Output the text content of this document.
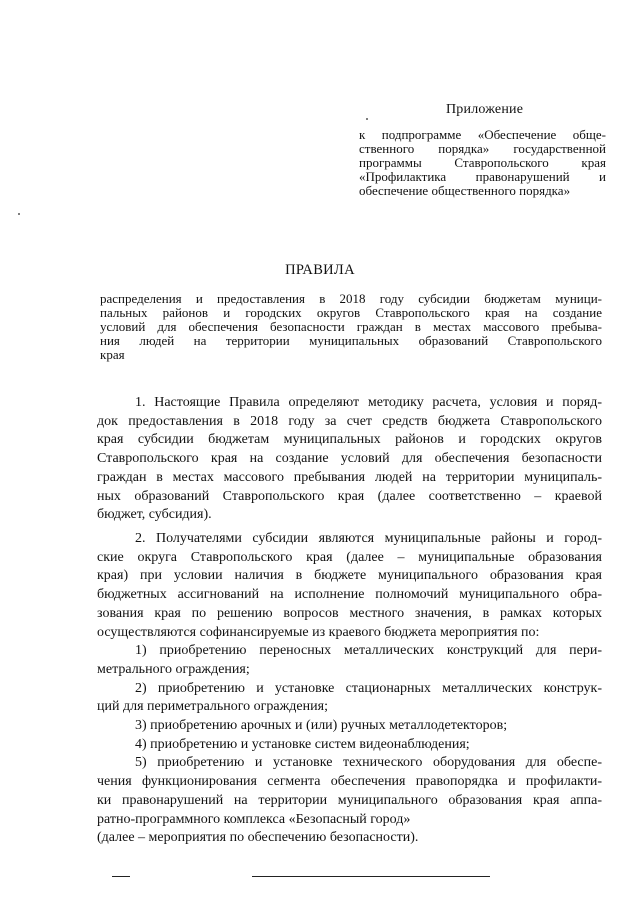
Приложение
к подпрограмме «Обеспечение обще-
ственного порядка» государственной
программы Ставропольского края
«Профилактика правонарушений и
обеспечение общественного порядка»
ПРАВИЛА
распределения и предоставления в 2018 году субсидии бюджетам муници-
пальных районов и городских округов Ставропольского края на создание
условий для обеспечения безопасности граждан в местах массового пребыва-
ния людей на территории муниципальных образований Ставропольского
края
1. Настоящие Правила определяют методику расчета, условия и поряд-
док предоставления в 2018 году за счет средств бюджета Ставропольского
края субсидии бюджетам муниципальных районов и городских округов
Ставропольского края на создание условий для обеспечения безопасности
граждан в местах массового пребывания людей на территории муниципаль-
ных образований Ставропольского края (далее соответственно – краевой
бюджет, субсидия).
2. Получателями субсидии являются муниципальные районы и город-
ские округа Ставропольского края (далее – муниципальные образования
края) при условии наличия в бюджете муниципального образования края
бюджетных ассигнований на исполнение полномочий муниципального обра-
зования края по решению вопросов местного значения, в рамках которых
осуществляются софинансируемые из краевого бюджета мероприятия по:
1) приобретению переносных металлических конструкций для пери-
метрального ограждения;
2) приобретению и установке стационарных металлических конструк-
ций для периметрального ограждения;
3) приобретению арочных и (или) ручных металлодетекторов;
4) приобретению и установке систем видеонаблюдения;
5) приобретению и установке технического оборудования для обеспе-
чения функционирования сегмента обеспечения правопорядка и профилакти-
ки правонарушений на территории муниципального образования края аппа-
ратно-программного комплекса «Безопасный город»
(далее – мероприятия по обеспечению безопасности).
